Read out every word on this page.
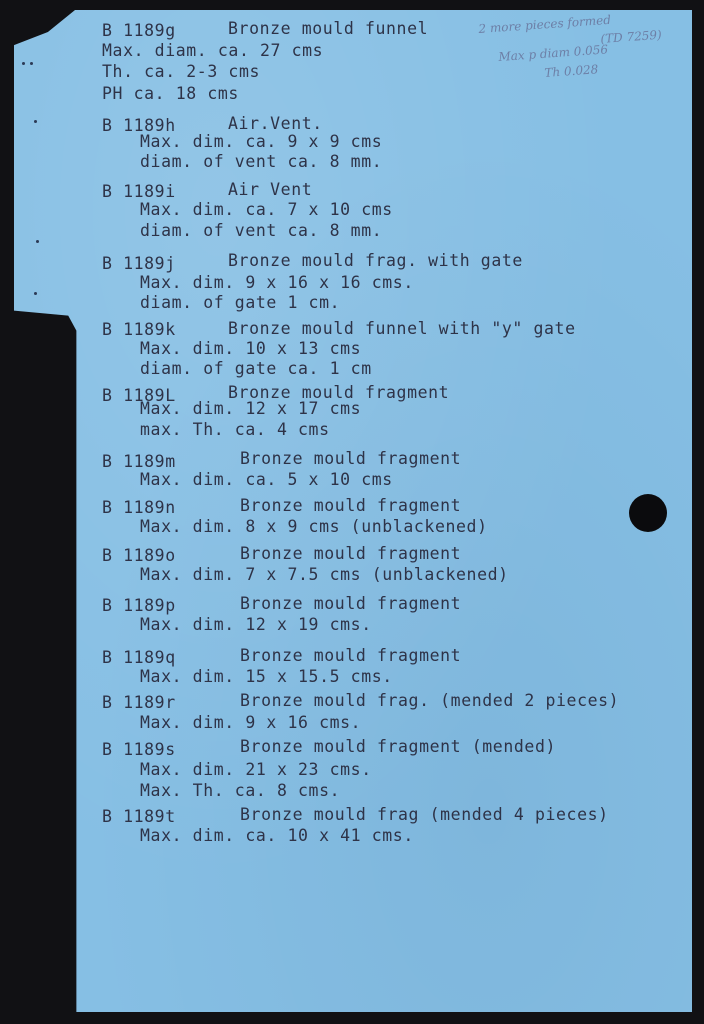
B 1189g	Bronze mould funnel
Max. diam. ca. 27 cms
Th. ca. 2-3 cms
PH ca. 18 cms
2 more pieces formed
(TD 7259)
Max p diam 0.056
Th 0.028
B 1189h	Air.Vent.
Max. dim. ca. 9 x 9 cms
diam. of vent ca. 8 mm.
B 1189i	Air Vent
Max. dim. ca. 7 x 10 cms
diam. of vent ca. 8 mm.
B 1189j	Bronze mould frag. with gate
Max. dim. 9 x 16 x 16 cms.
diam. of gate 1 cm.
B 1189k	Bronze mould funnel with "y" gate
Max. dim. 10 x 13 cms
diam. of gate ca. 1 cm
B 1189L	Bronze mould fragment
Max. dim. 12 x 17 cms
max. Th. ca. 4 cms
B 1189m	Bronze mould fragment
Max. dim. ca. 5 x 10 cms
B 1189n	Bronze mould fragment
Max. dim. 8 x 9 cms (unblackened)
B 1189o	Bronze mould fragment
Max. dim. 7 x 7.5 cms (unblackened)
B 1189p	Bronze mould fragment
Max. dim. 12 x 19 cms.
B 1189q	Bronze mould fragment
Max. dim. 15 x 15.5 cms.
B 1189r	Bronze mould frag. (mended 2 pieces)
Max. dim. 9 x 16 cms.
B 1189s	Bronze mould fragment (mended)
Max. dim. 21 x 23 cms.
Max. Th. ca. 8 cms.
B 1189t	Bronze mould frag (mended 4 pieces)
Max. dim. ca. 10 x 41 cms.
